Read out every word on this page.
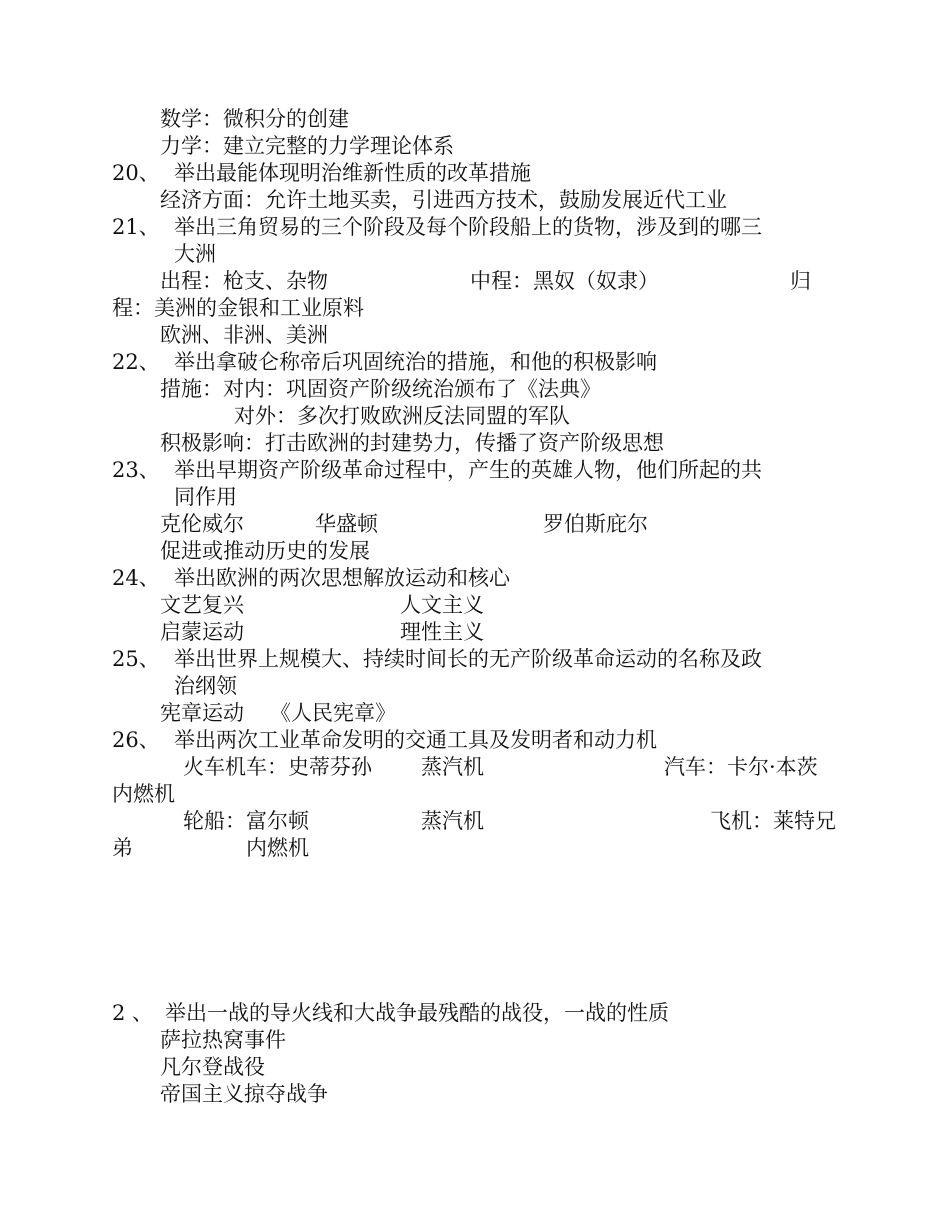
数学：微积分的创建
力学：建立完整的力学理论体系
20、 举出最能体现明治维新性质的改革措施
经济方面：允许土地买卖，引进西方技术，鼓励发展近代工业
21、 举出三角贸易的三个阶段及每个阶段船上的货物，涉及到的哪三
大洲
出程：枪支、杂物	中程：黑奴（奴隶）	归
程：美洲的金银和工业原料
欧洲、非洲、美洲
22、 举出拿破仑称帝后巩固统治的措施，和他的积极影响
措施：对内：巩固资产阶级统治颁布了《法典》
对外：多次打败欧洲反法同盟的军队
积极影响：打击欧洲的封建势力，传播了资产阶级思想
23、 举出早期资产阶级革命过程中，产生的英雄人物，他们所起的共
同作用
克伦威尔	华盛顿	罗伯斯庇尔
促进或推动历史的发展
24、 举出欧洲的两次思想解放运动和核心
文艺复兴	人文主义
启蒙运动	理性主义
25、 举出世界上规模大、持续时间长的无产阶级革命运动的名称及政
治纲领
宪章运动 《人民宪章》
26、 举出两次工业革命发明的交通工具及发明者和动力机
火车机车：史蒂芬孙 蒸汽机	汽车：卡尔·本茨
内燃机
轮船：富尔顿	蒸汽机	飞机：莱特兄
弟	内燃机
2 、 举出一战的导火线和大战争最残酷的战役，一战的性质
萨拉热窝事件
凡尔登战役
帝国主义掠夺战争
